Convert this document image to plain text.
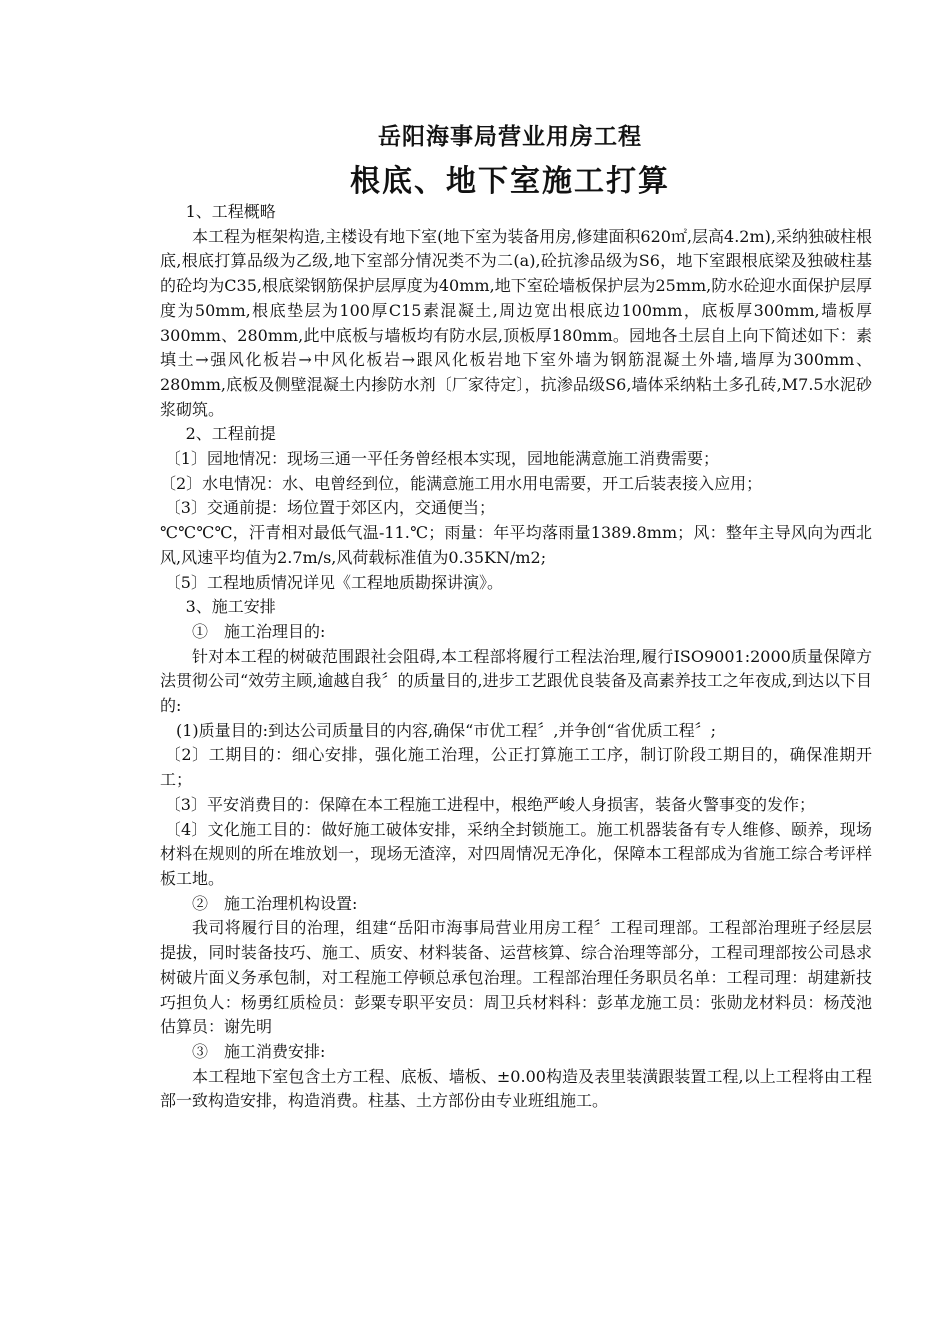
岳阳海事局营业用房工程
根底、地下室施工打算

1、工程概略

本工程为框架构造,主楼设有地下室(地下室为装备用房,修建面积620㎡,层高4.2m),采纳独破柱根底,根底打算品级为乙级,地下室部分情况类不为二(a),砼抗渗品级为S6，地下室跟根底梁及独破柱基的砼均为C35,根底梁钢筋保护层厚度为40mm,地下室砼墙板保护层为25mm,防水砼迎水面保护层厚度为50mm,根底垫层为100厚C15素混凝土,周边宽出根底边100mm，底板厚300mm,墙板厚300mm、280mm,此中底板与墙板均有防水层,顶板厚180mm。园地各土层自上向下简述如下：素填土→强风化板岩→中风化板岩→跟风化板岩地下室外墙为钢筋混凝土外墙,墙厚为300mm、280mm,底板及侧壁混凝土内掺防水剂〔厂家待定〕，抗渗品级S6,墙体采纳粘土多孔砖,M7.5水泥砂浆砌筑。

2、工程前提

〔1〕园地情况：现场三通一平任务曾经根本实现，园地能满意施工消费需要；

〔2〕水电情况：水、电曾经到位，能满意施工用水用电需要，开工后装表接入应用；

〔3〕交通前提：场位置于郊区内，交通便当；

℃℃℃℃，汗青相对最低气温-11.℃；雨量：年平均落雨量1389.8mm；风：整年主导风向为西北风,风速平均值为2.7m/s,风荷载标准值为0.35KN/m2;

〔5〕工程地质情况详见《工程地质勘探讲演》。

3、施工安排

①　施工治理目的:

针对本工程的树破范围跟社会阻碍,本工程部将履行工程法治理,履行ISO9001:2000质量保障方法贯彻公司“效劳主顾,逾越自我〞的质量目的,进步工艺跟优良装备及高素养技工之年夜成,到达以下目的:

(1)质量目的:到达公司质量目的内容,确保“市优工程〞,并争创“省优质工程〞;

〔2〕工期目的：细心安排，强化施工治理，公正打算施工工序，制订阶段工期目的，确保准期开工；

〔3〕平安消费目的：保障在本工程施工进程中，根绝严峻人身损害，装备火警事变的发作；

〔4〕文化施工目的：做好施工破体安排，采纳全封锁施工。施工机器装备有专人维修、颐养，现场材料在规则的所在堆放划一，现场无渣滓，对四周情况无净化，保障本工程部成为省施工综合考评样板工地。

②　施工治理机构设置:

我司将履行目的治理，组建“岳阳市海事局营业用房工程〞工程司理部。工程部治理班子经层层提拔，同时装备技巧、施工、质安、材料装备、运营核算、综合治理等部分，工程司理部按公司恳求树破片面义务承包制，对工程施工停顿总承包治理。工程部治理任务职员名单：工程司理：胡建新技巧担负人：杨勇红质检员：彭粟专职平安员：周卫兵材料科：彭革龙施工员：张勋龙材料员：杨茂池估算员：谢先明

③　施工消费安排:

本工程地下室包含土方工程、底板、墙板、±0.00构造及表里装潢跟装置工程,以上工程将由工程部一致构造安排，构造消费。柱基、土方部份由专业班组施工。
